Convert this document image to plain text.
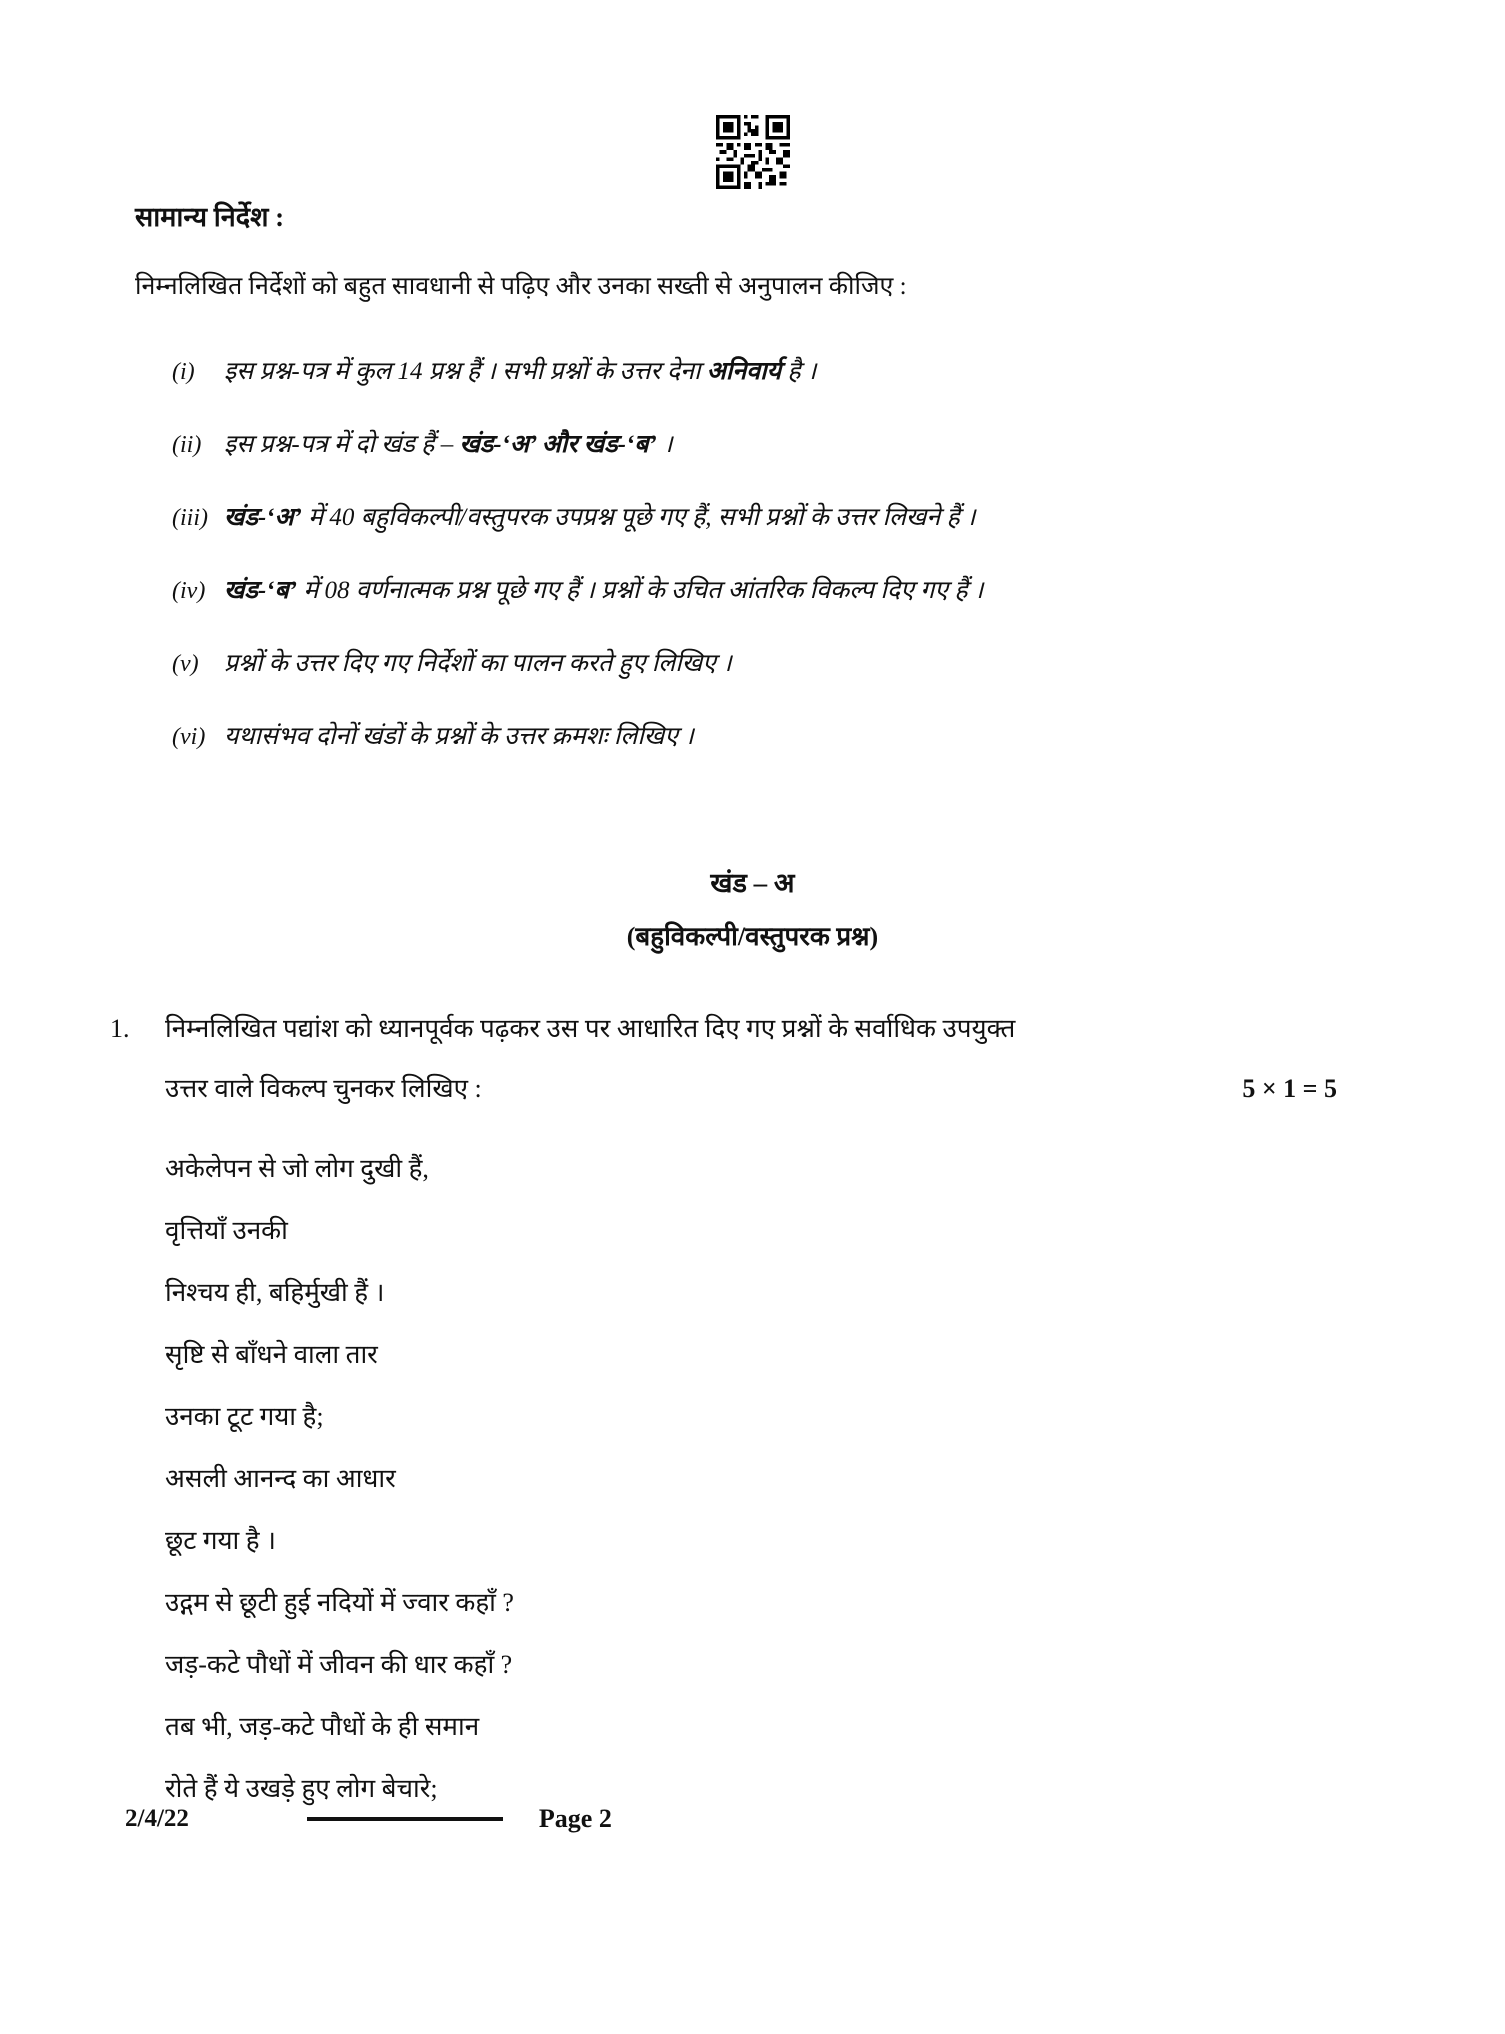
सामान्य निर्देश :
निम्नलिखित निर्देशों को बहुत सावधानी से पढ़िए और उनका सख्ती से अनुपालन कीजिए :
(i)	इस प्रश्न-पत्र में कुल 14 प्रश्न हैं । सभी प्रश्नों के उत्तर देना अनिवार्य है ।
(ii) इस प्रश्न-पत्र में दो खंड हैं – खंड-‘अ’ और खंड-‘ब’ ।
(iii) खंड-‘अ’ में 40 बहुविकल्पी/वस्तुपरक उपप्रश्न पूछे गए हैं, सभी प्रश्नों के उत्तर लिखने हैं ।
(iv) खंड-‘ब’ में 08 वर्णनात्मक प्रश्न पूछे गए हैं । प्रश्नों के उचित आंतरिक विकल्प दिए गए हैं ।
(v)	प्रश्नों के उत्तर दिए गए निर्देशों का पालन करते हुए लिखिए ।
(vi) यथासंभव दोनों खंडों के प्रश्नों के उत्तर क्रमशः लिखिए ।
खंड – अ
(बहुविकल्पी/वस्तुपरक प्रश्न)
1.	निम्नलिखित पद्यांश को ध्यानपूर्वक पढ़कर उस पर आधारित दिए गए प्रश्नों के सर्वाधिक उपयुक्त
उत्तर वाले विकल्प चुनकर लिखिए :	5 × 1 = 5
अकेलेपन से जो लोग दुखी हैं,
वृत्तियाँ उनकी
निश्चय ही, बहिर्मुखी हैं ।
सृष्टि से बाँधने वाला तार
उनका टूट गया है;
असली आनन्द का आधार
छूट गया है ।
उद्गम से छूटी हुई नदियों में ज्वार कहाँ ?
जड़-कटे पौधों में जीवन की धार कहाँ ?
तब भी, जड़-कटे पौधों के ही समान
रोते हैं ये उखड़े हुए लोग बेचारे;
2/4/22	Page 2
